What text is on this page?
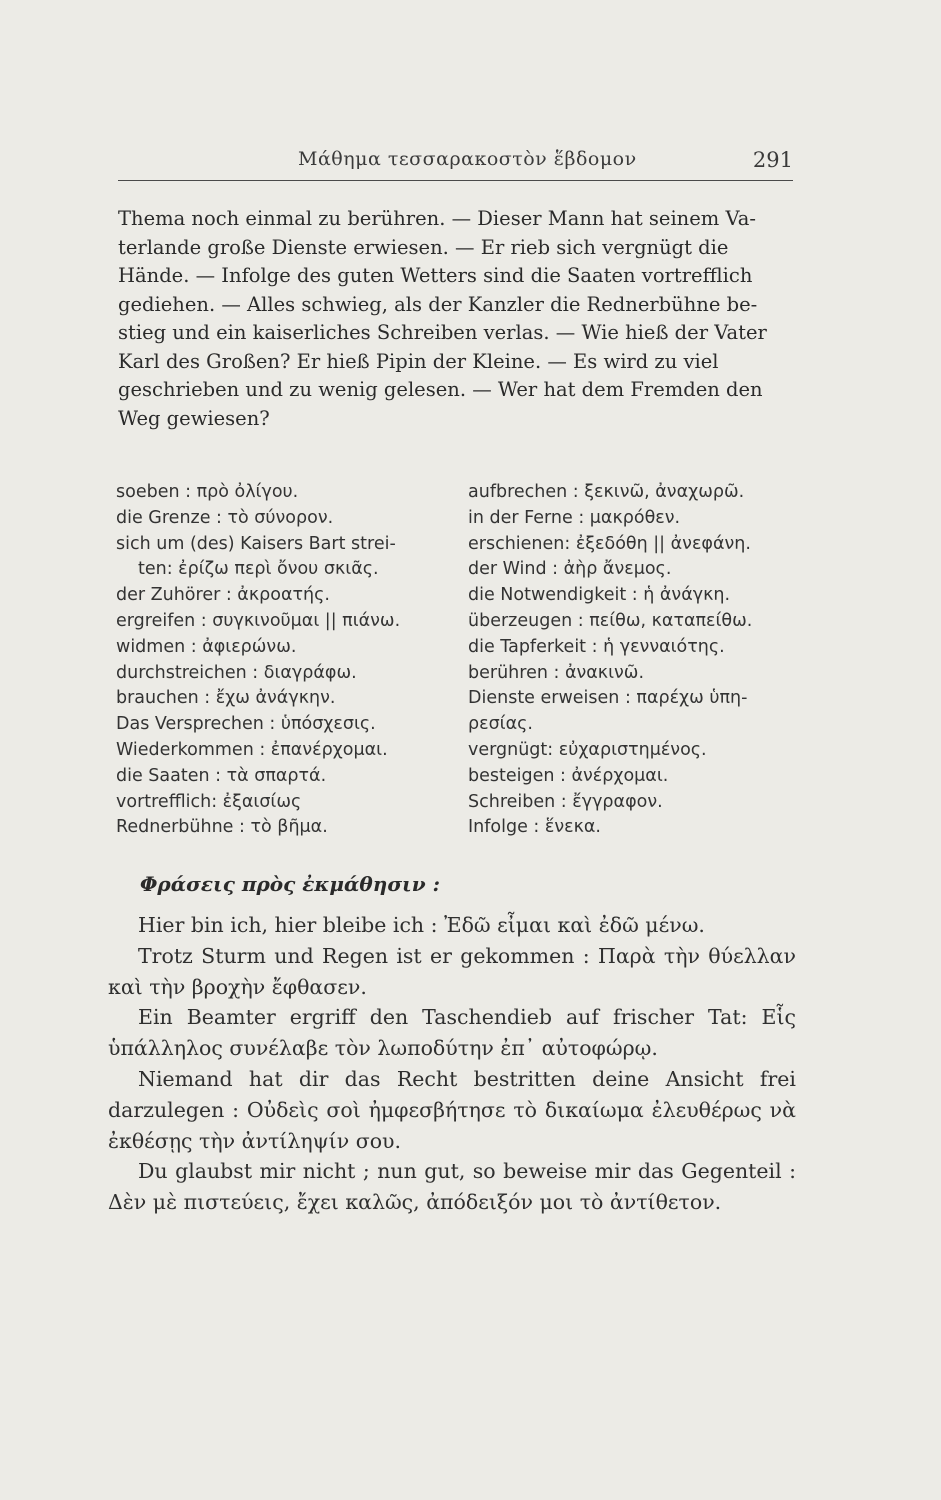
Μάθημα τεσσαρακοστὸν ἕβδομον	291

Thema noch einmal zu berühren. — Dieser Mann hat seinem Va-

terlande große Dienste erwiesen. — Er rieb sich vergnügt die

Hände. — Infolge des guten Wetters sind die Saaten vortrefflich

gediehen. — Alles schwieg, als der Kanzler die Rednerbühne be-

stieg und ein kaiserliches Schreiben verlas. — Wie hieß der Vater

Karl des Großen? Er hieß Pipin der Kleine. — Es wird zu viel

geschrieben und zu wenig gelesen. — Wer hat dem Fremden den

Weg gewiesen?

soeben : πρὸ ὀλίγου.
die Grenze : τὸ σύνορον.
sich um (des) Kaisers Bart strei-
ten: ἐρίζω περὶ ὄνου σκιᾶς.
der Zuhörer : ἀκροατής.
ergreifen : συγκινοῦμαι || πιάνω.
widmen : ἀφιερώνω.
durchstreichen : διαγράφω.
brauchen : ἔχω ἀνάγκην.
Das Versprechen : ὑπόσχεσις.
Wiederkommen : ἐπανέρχομαι.
die Saaten : τὰ σπαρτά.
vortrefflich: ἐξαισίως
Rednerbühne : τὸ βῆμα.
aufbrechen : ξεκινῶ, ἀναχωρῶ.
in der Ferne : μακρόθεν.
erschienen: ἐξεδόθη || ἀνεφάνη.
der Wind : ἀὴρ ἄνεμος.
die Notwendigkeit : ἡ ἀνάγκη.
überzeugen : πείθω, καταπείθω.
die Tapferkeit : ἡ γενναιότης.
berühren : ἀνακινῶ.
Dienste erweisen : παρέχω ὑπη-
ρεσίας.
vergnügt: εὐχαριστημένος.
besteigen : ἀνέρχομαι.
Schreiben : ἔγγραφον.
Infolge : ἕνεκα.
Φράσεις πρὸς ἐκμάθησιν :

Hier bin ich, hier bleibe ich : Ἐδῶ εἶμαι καὶ ἐδῶ μένω.

Trotz Sturm und Regen ist er gekommen : Παρὰ τὴν θύελλαν καὶ τὴν βροχὴν ἔφθασεν.

Ein Beamter ergriff den Taschendieb auf frischer Tat: Εἷς ὑπάλληλος συνέλαβε τὸν λωποδύτην ἐπ᾽ αὐτοφώρῳ.

Niemand hat dir das Recht bestritten deine Ansicht frei darzulegen : Οὐδεὶς σοὶ ἠμφεσβήτησε τὸ δικαίωμα ἐλευθέρως νὰ ἐκθέσῃς τὴν ἀντίληψίν σου.

Du glaubst mir nicht ; nun gut, so beweise mir das Gegenteil : Δὲν μὲ πιστεύεις, ἔχει καλῶς, ἀπόδειξόν μοι τὸ ἀντίθετον.
